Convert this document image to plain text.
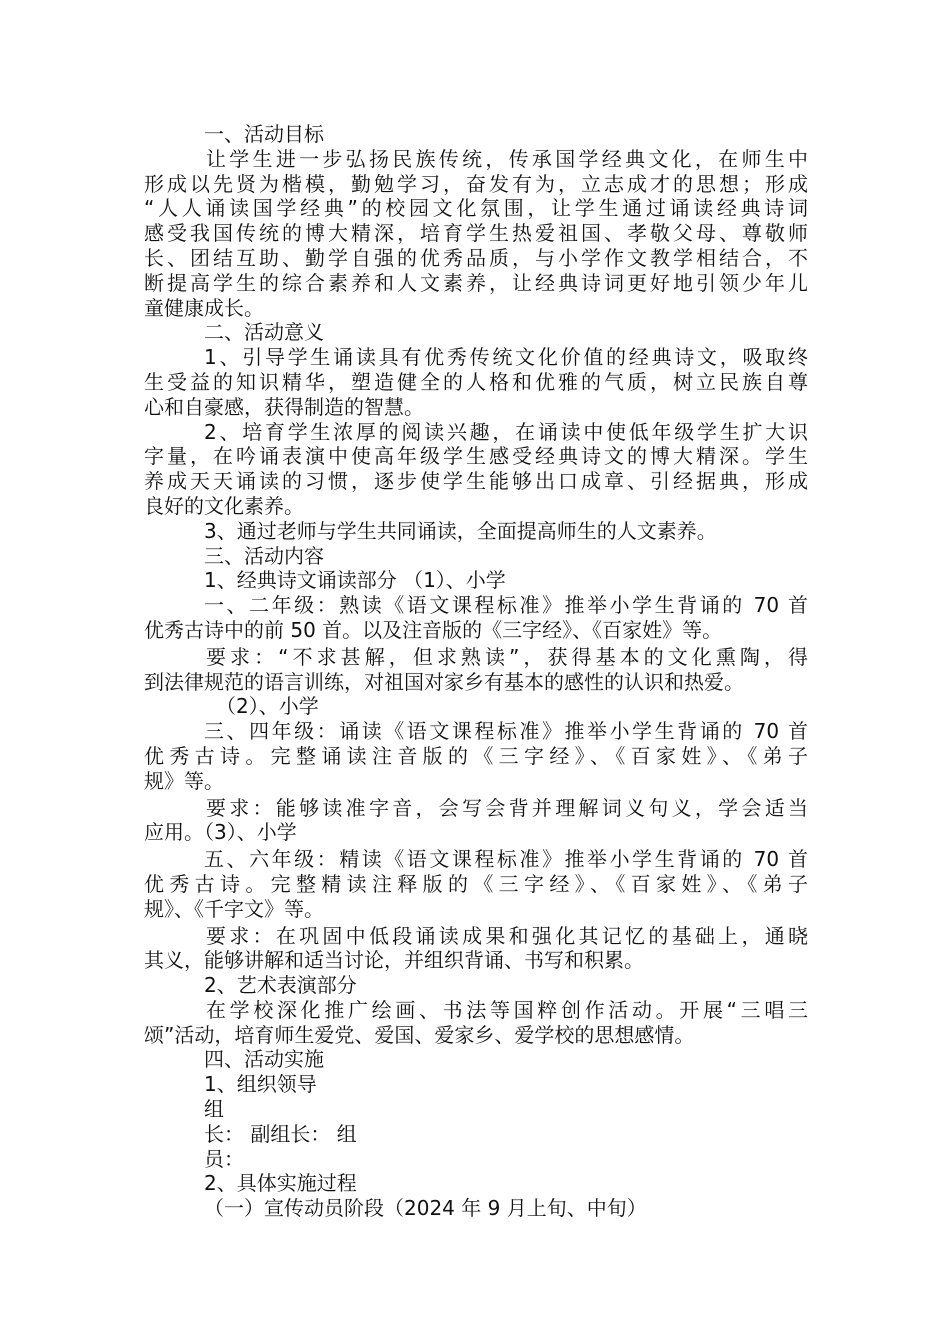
一、活动目标
让学生进一步弘扬民族传统，传承国学经典文化，在师生中
形成以先贤为楷模，勤勉学习，奋发有为，立志成才的思想；形成
“人人诵读国学经典”的校园文化氛围，让学生通过诵读经典诗词
感受我国传统的博大精深，培育学生热爱祖国、孝敬父母、尊敬师
长、团结互助、勤学自强的优秀品质，与小学作文教学相结合，不
断提高学生的综合素养和人文素养，让经典诗词更好地引领少年儿
童健康成长。
二、活动意义
1、引导学生诵读具有优秀传统文化价值的经典诗文，吸取终
生受益的知识精华，塑造健全的人格和优雅的气质，树立民族自尊
心和自豪感，获得制造的智慧。
2、培育学生浓厚的阅读兴趣，在诵读中使低年级学生扩大识
字量，在吟诵表演中使高年级学生感受经典诗文的博大精深。学生
养成天天诵读的习惯，逐步使学生能够出口成章、引经据典，形成
良好的文化素养。
3、通过老师与学生共同诵读，全面提高师生的人文素养。
三、活动内容
1、经典诗文诵读部分 （1）、小学
一、二年级：熟读《语文课程标准》推举小学生背诵的 70 首
优秀古诗中的前 50 首。以及注音版的《三字经》、《百家姓》等。
要求：“不求甚解，但求熟读”，获得基本的文化熏陶，得
到法律规范的语言训练，对祖国对家乡有基本的感性的认识和热爱。
（2）、小学
三、四年级：诵读《语文课程标准》推举小学生背诵的 70 首
优秀古诗。完整诵读注音版的《三字经》、《百家姓》、《弟子
规》等。
要求：能够读准字音，会写会背并理解词义句义，学会适当
应用。（3）、小学
五、六年级：精读《语文课程标准》推举小学生背诵的 70 首
优秀古诗。完整精读注释版的《三字经》、《百家姓》、《弟子
规》、《千字文》等。
要求：在巩固中低段诵读成果和强化其记忆的基础上，通晓
其义，能够讲解和适当讨论，并组织背诵、书写和积累。
2、艺术表演部分
在学校深化推广绘画、书法等国粹创作活动。开展“三唱三
颂”活动，培育师生爱党、爱国、爱家乡、爱学校的思想感情。
四、活动实施
1、组织领导
组
长： 副组长： 组
员：
2、具体实施过程
（一）宣传动员阶段（2024 年 9 月上旬、中旬）
